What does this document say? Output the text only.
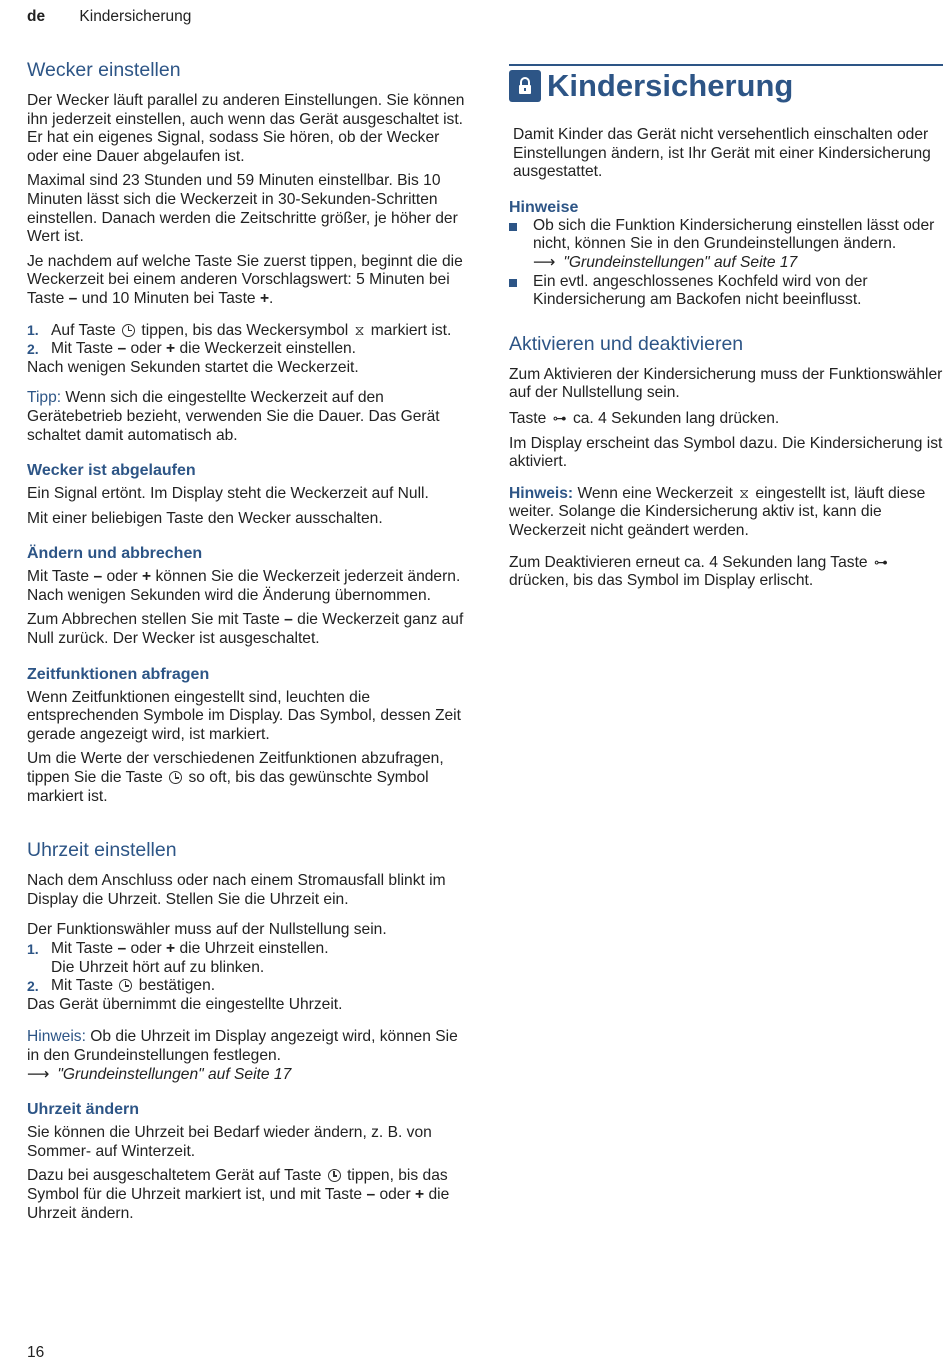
de Kindersicherung
Wecker einstellen

Der Wecker läuft parallel zu anderen Einstellungen. Sie können ihn jederzeit einstellen, auch wenn das Gerät ausgeschaltet ist. Er hat ein eigenes Signal, sodass Sie hören, ob der Wecker oder eine Dauer abgelaufen ist.

Maximal sind 23 Stunden und 59 Minuten einstellbar. Bis 10 Minuten lässt sich die Weckerzeit in 30-Sekunden-Schritten einstellen. Danach werden die Zeitschritte größer, je höher der Wert ist.

Je nachdem auf welche Taste Sie zuerst tippen, beginnt die die Weckerzeit bei einem anderen Vorschlagswert: 5 Minuten bei Taste – und 10 Minuten bei Taste +.

1. Auf Taste  tippen, bis das Weckersymbol ⧖ markiert ist.
2. Mit Taste – oder + die Weckerzeit einstellen.

Nach wenigen Sekunden startet die Weckerzeit.

Tipp: Wenn sich die eingestellte Weckerzeit auf den Gerätebetrieb bezieht, verwenden Sie die Dauer. Das Gerät schaltet damit automatisch ab.

Wecker ist abgelaufen

Ein Signal ertönt. Im Display steht die Weckerzeit auf Null.

Mit einer beliebigen Taste den Wecker ausschalten.

Ändern und abbrechen

Mit Taste – oder + können Sie die Weckerzeit jederzeit ändern. Nach wenigen Sekunden wird die Änderung übernommen.

Zum Abbrechen stellen Sie mit Taste – die Weckerzeit ganz auf Null zurück. Der Wecker ist ausgeschaltet.

Zeitfunktionen abfragen

Wenn Zeitfunktionen eingestellt sind, leuchten die entsprechenden Symbole im Display. Das Symbol, dessen Zeit gerade angezeigt wird, ist markiert.

Um die Werte der verschiedenen Zeitfunktionen abzufragen, tippen Sie die Taste  so oft, bis das gewünschte Symbol markiert ist.

Uhrzeit einstellen

Nach dem Anschluss oder nach einem Stromausfall blinkt im Display die Uhrzeit. Stellen Sie die Uhrzeit ein.

Der Funktionswähler muss auf der Nullstellung sein.

1. Mit Taste – oder + die Uhrzeit einstellen.
Die Uhrzeit hört auf zu blinken.
2. Mit Taste  bestätigen.

Das Gerät übernimmt die eingestellte Uhrzeit.

Hinweis: Ob die Uhrzeit im Display angezeigt wird, können Sie in den Grundeinstellungen festlegen.

⟶ "Grundeinstellungen" auf Seite 17

Uhrzeit ändern

Sie können die Uhrzeit bei Bedarf wieder ändern, z. B. von Sommer- auf Winterzeit.

Dazu bei ausgeschaltetem Gerät auf Taste  tippen, bis das Symbol für die Uhrzeit markiert ist, und mit Taste – oder + die Uhrzeit ändern.

Kindersicherung

Damit Kinder das Gerät nicht versehentlich einschalten oder Einstellungen ändern, ist Ihr Gerät mit einer Kindersicherung ausgestattet.

Hinweise
Ob sich die Funktion Kindersicherung einstellen lässt oder nicht, können Sie in den Grundeinstellungen ändern.
⟶ "Grundeinstellungen" auf Seite 17
Ein evtl. angeschlossenes Kochfeld wird von der Kindersicherung am Backofen nicht beeinflusst.
Aktivieren und deaktivieren

Zum Aktivieren der Kindersicherung muss der Funktionswähler auf der Nullstellung sein.

Taste ⊶ ca. 4 Sekunden lang drücken.

Im Display erscheint das Symbol dazu. Die Kindersicherung ist aktiviert.

Hinweis: Wenn eine Weckerzeit ⧖ eingestellt ist, läuft diese weiter. Solange die Kindersicherung aktiv ist, kann die Weckerzeit nicht geändert werden.

Zum Deaktivieren erneut ca. 4 Sekunden lang Taste ⊶ drücken, bis das Symbol im Display erlischt.

16
